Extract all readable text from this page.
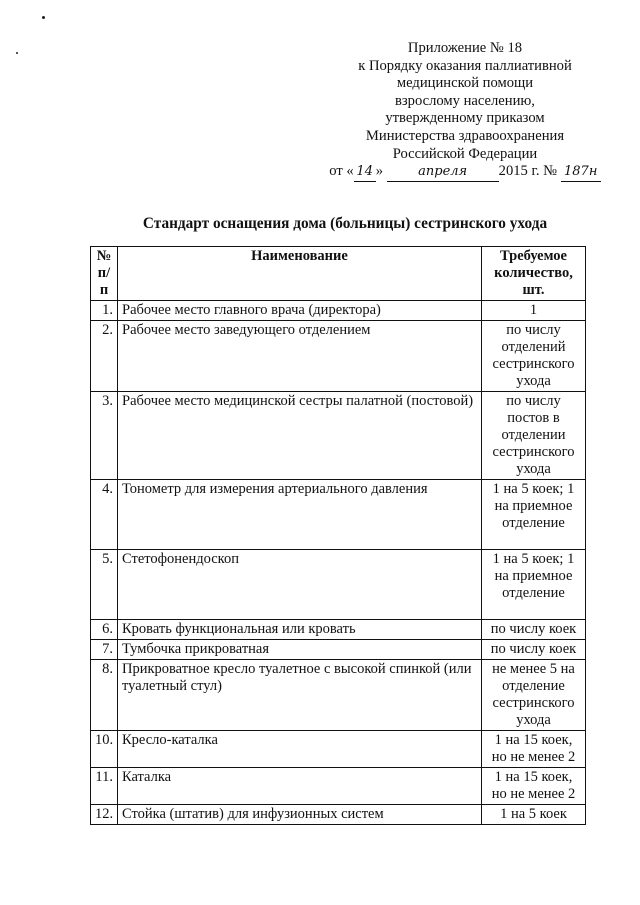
Приложение № 18
к Порядку оказания паллиативной
медицинской помощи
взрослому населению,
утвержденному приказом
Министерства здравоохранения
Российской Федерации
от « 14 »	апреля 2015 г. № 187н
Стандарт оснащения дома (больницы) сестринского ухода
№ п/п	Наименование	Требуемое количество, шт.
1.	Рабочее место главного врача (директора)	1
2.	Рабочее место заведующего отделением	по числу отделений сестринского ухода
3.	Рабочее место медицинской сестры палатной (постовой)	по числу постов в отделении сестринского ухода
4.	Тонометр для измерения артериального давления	1 на 5 коек; 1 на приемное отделение
5.	Стетофонендоскоп	1 на 5 коек; 1 на приемное отделение
6.	Кровать функциональная или кровать	по числу коек
7.	Тумбочка прикроватная	по числу коек
8.	Прикроватное кресло туалетное с высокой спинкой (или туалетный стул)	не менее 5 на отделение сестринского ухода
10.	Кресло-каталка	1 на 15 коек, но не менее 2
11.	Каталка	1 на 15 коек, но не менее 2
12.	Стойка (штатив) для инфузионных систем	1 на 5 коек
